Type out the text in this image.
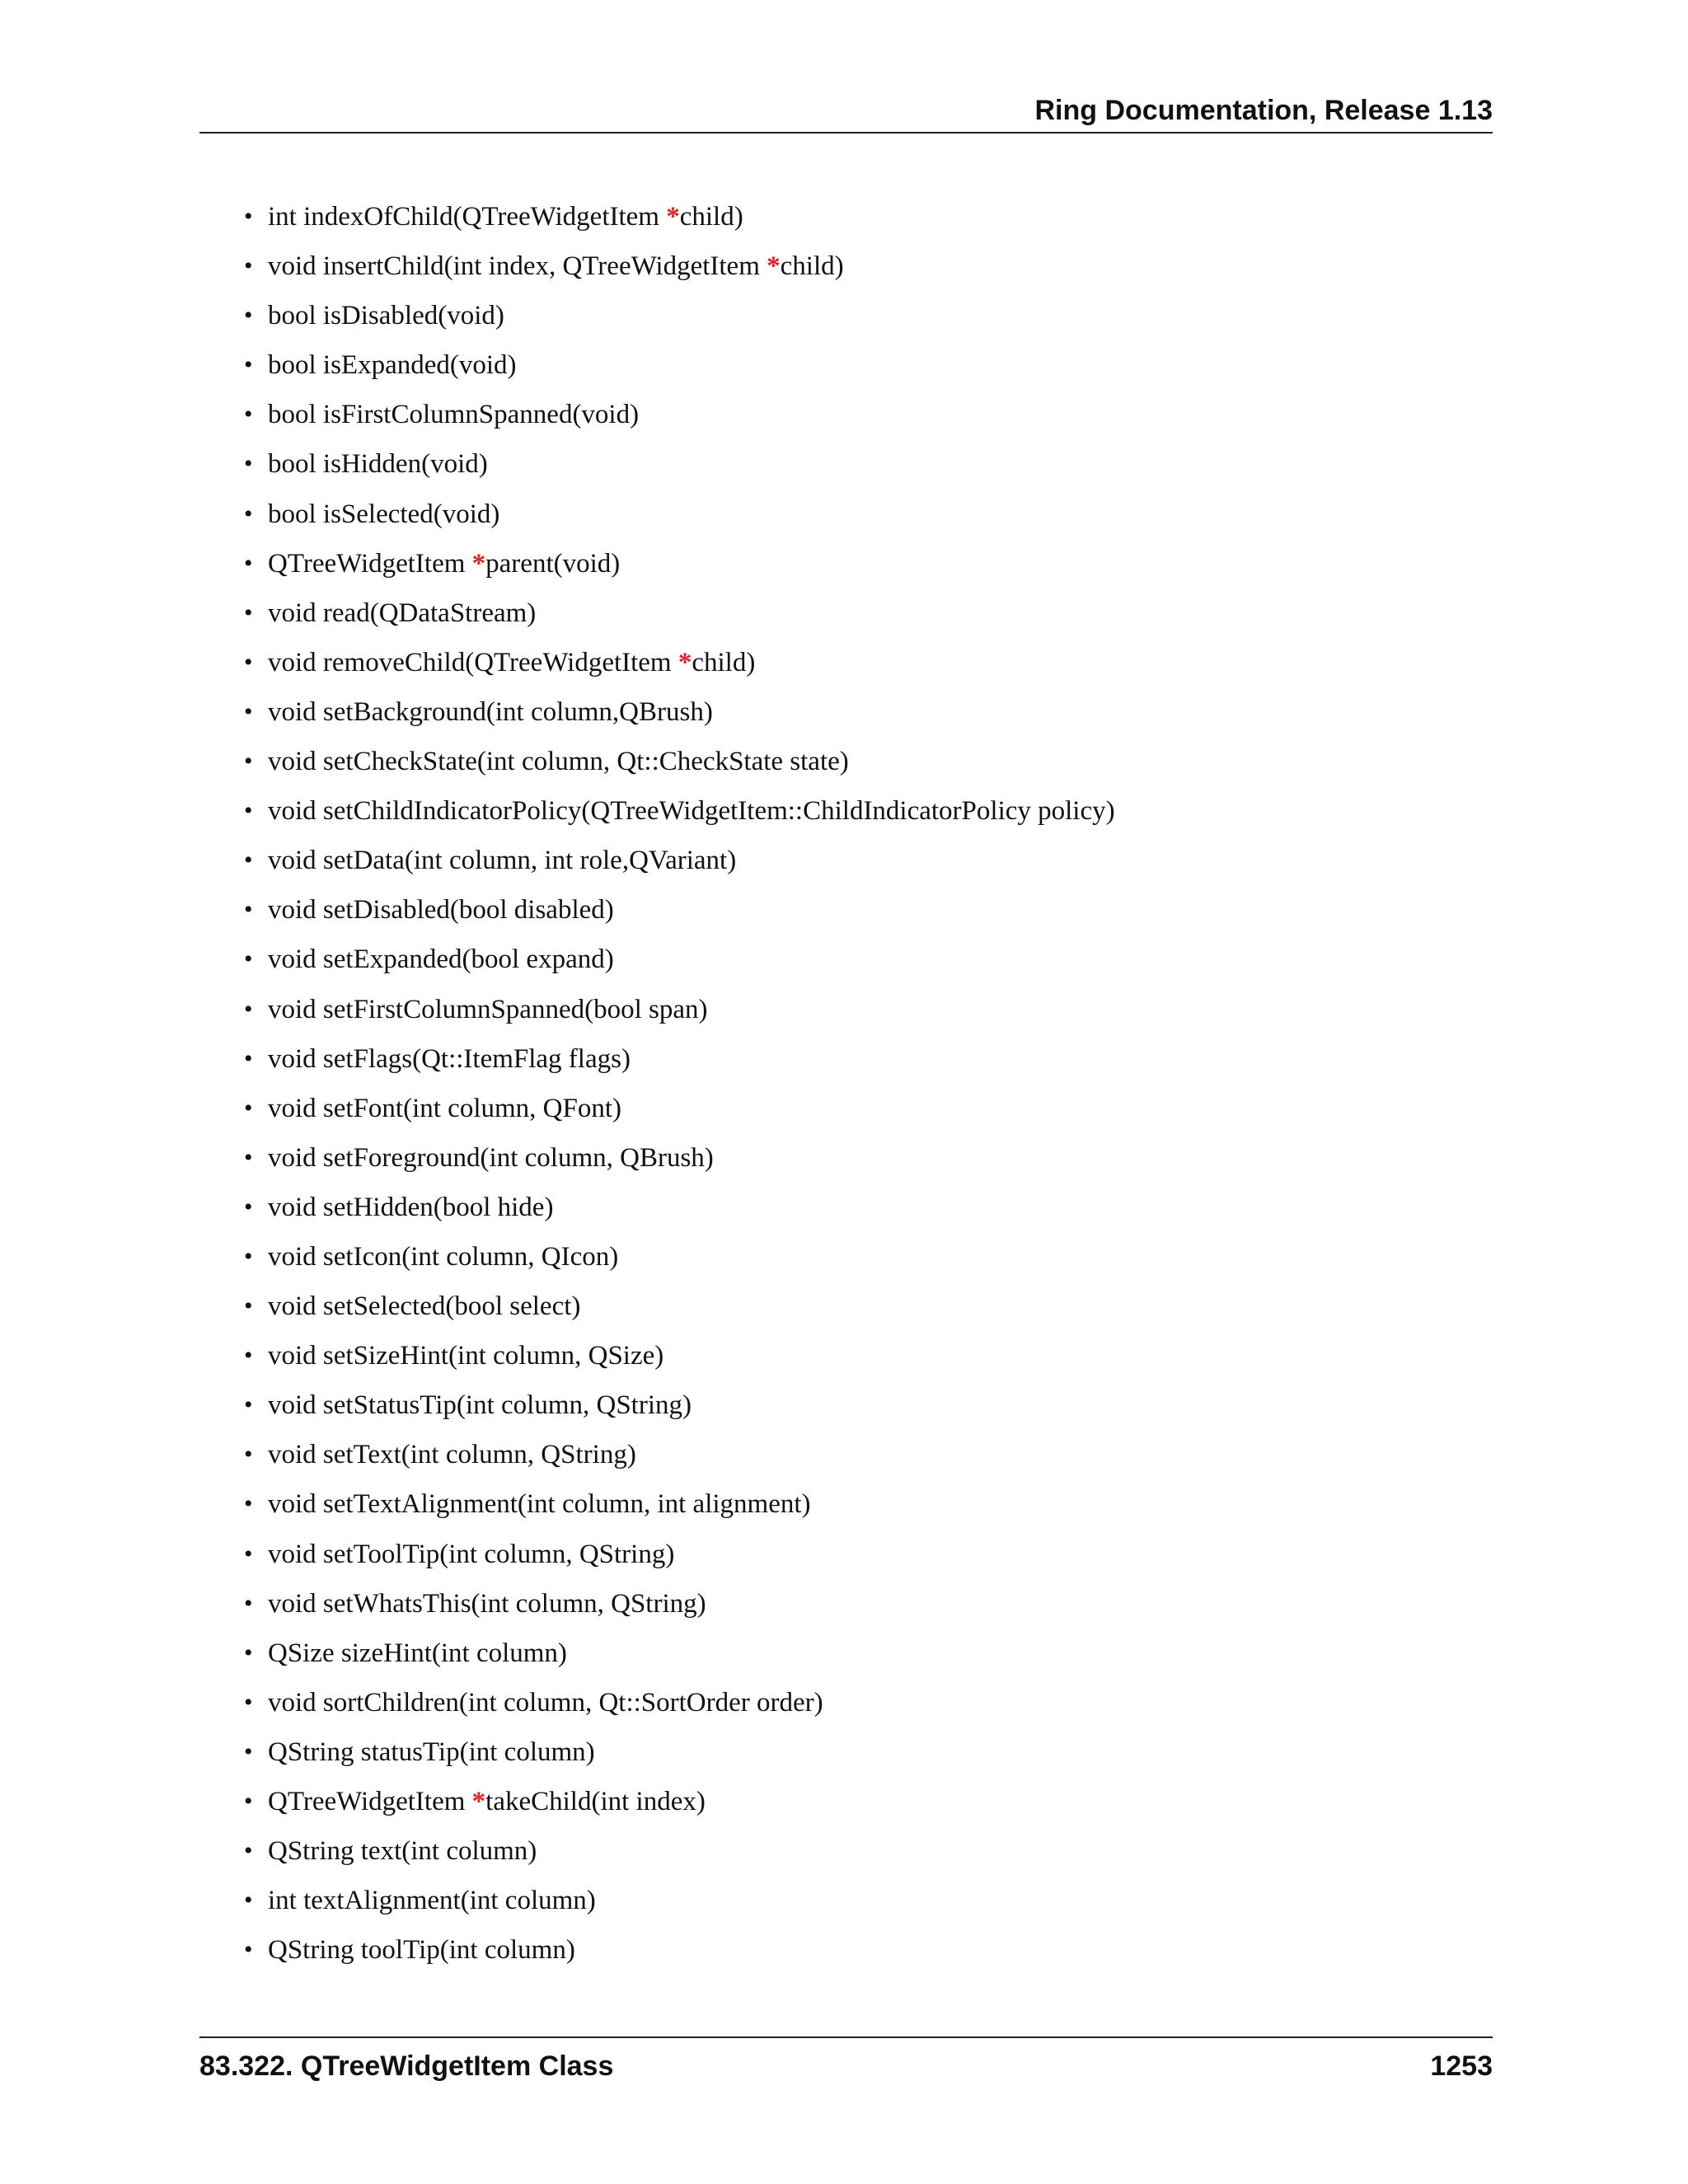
Ring Documentation, Release 1.13
• int indexOfChild(QTreeWidgetItem *child)
• void insertChild(int index, QTreeWidgetItem *child)
• bool isDisabled(void)
• bool isExpanded(void)
• bool isFirstColumnSpanned(void)
• bool isHidden(void)
• bool isSelected(void)
• QTreeWidgetItem *parent(void)
• void read(QDataStream)
• void removeChild(QTreeWidgetItem *child)
• void setBackground(int column,QBrush)
• void setCheckState(int column, Qt::CheckState state)
• void setChildIndicatorPolicy(QTreeWidgetItem::ChildIndicatorPolicy policy)
• void setData(int column, int role,QVariant)
• void setDisabled(bool disabled)
• void setExpanded(bool expand)
• void setFirstColumnSpanned(bool span)
• void setFlags(Qt::ItemFlag flags)
• void setFont(int column, QFont)
• void setForeground(int column, QBrush)
• void setHidden(bool hide)
• void setIcon(int column, QIcon)
• void setSelected(bool select)
• void setSizeHint(int column, QSize)
• void setStatusTip(int column, QString)
• void setText(int column, QString)
• void setTextAlignment(int column, int alignment)
• void setToolTip(int column, QString)
• void setWhatsThis(int column, QString)
• QSize sizeHint(int column)
• void sortChildren(int column, Qt::SortOrder order)
• QString statusTip(int column)
• QTreeWidgetItem *takeChild(int index)
• QString text(int column)
• int textAlignment(int column)
• QString toolTip(int column)
83.322. QTreeWidgetItem Class	1253
